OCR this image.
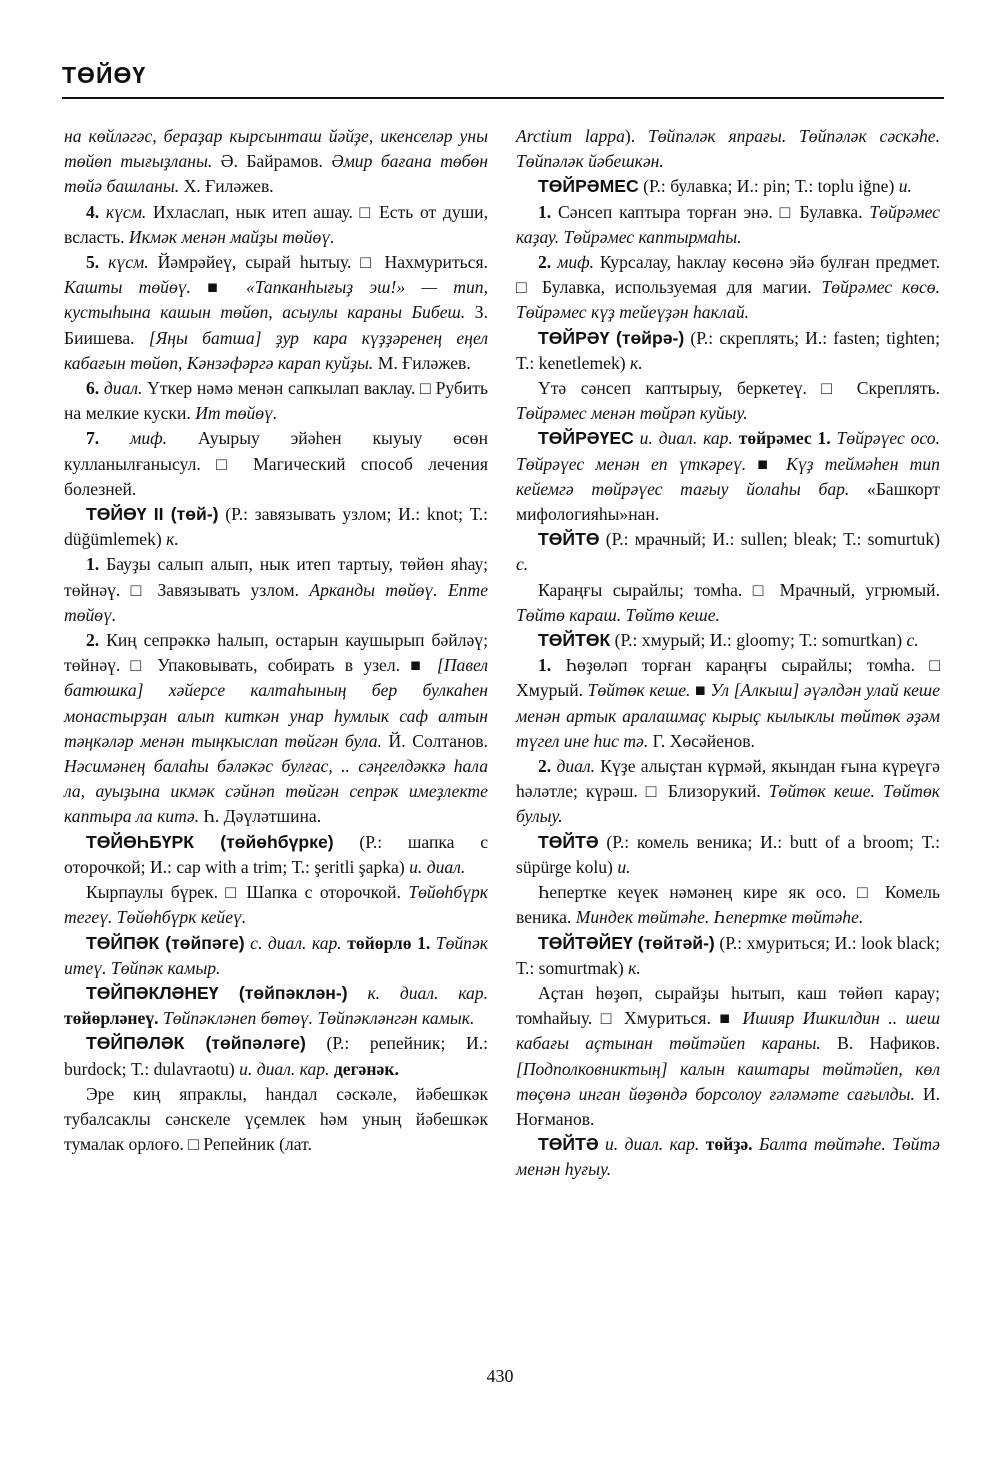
ТӨЙӨҮ

на көйләгәс, бераҙар кырсынташ йәйҙе, икенселәр уны төйөп тығыҙланы. Ә. Байрамов. Әмир бағана төбөн төйә башланы. Х. Ғиләжев.

4. күсм. Ихласлап, нык итеп ашау. □ Есть от души, всласть. Икмәк менән майҙы төйөү.

5. күсм. Йәмрәйеү, сырай һытыу. □ Нахмуриться. Кашты төйөү. ■ «Тапканһығыҙ эш!» — тип, кустыһына кашын төйөп, асыулы караны Бибеш. З. Биишева. [Яңы батша] ҙур кара күҙҙәренең еңел кабағын төйөп, Кәнзәфәргә карап куйҙы. М. Ғиләжев.

6. диал. Үткер нәмә менән сапкылап ваклау. □ Рубить на мелкие куски. Ит төйөү.

7. миф. Ауырыу эйәһен кыуыу өсөн кулланылғанысул. □ Магический способ лечения болезней.

ТӨЙӨҮ II (төй-) (Р.: завязывать узлом; И.: knot; Т.: düğümlemek) к.

1. Бауҙы салып алып, нык итеп тартыу, төйөн яһау; төйнәү. □ Завязывать узлом. Арканды төйөү. Епте төйөү.

2. Киң сепрәккә һалып, остарын каушырып бәйләү; төйнәү. □ Упаковывать, собирать в узел. ■ [Павел батюшка] хәйерсе калтаһының бер булкаһен монастырҙан алып киткән унар һумлык саф алтын тәңкәләр менән тыңкыслап төйгән була. Й. Солтанов. Нәсимәнең балаһы бәләкәс булғас, .. сәңгелдәккә һала ла, ауыҙына икмәк сәйнәп төйгән сепрәк имеҙлекте каптыра ла китә. Һ. Дәүләтшина.

ТӨЙӨҺБҮРК (төйөһбүрке) (Р.: шапка с оторочкой; И.: cap with a trim; Т.: şeritli şapka) и. диал.

Кырпаулы бүрек. □ Шапка с оторочкой. Төйөһбүрк тегеү. Төйөһбүрк кейеү.

ТӨЙПӘК (төйпәге) с. диал. кар. төйөрлө 1. Төйпәк итеү. Төйпәк камыр.

ТӨЙПӘКЛӘНЕҮ (төйпәклән-) к. диал. кар. төйөрләнеү. Төйпәкләнеп бөтөү. Төйпәкләнгән камык.

ТӨЙПӘЛӘК (төйпәләге) (Р.: репейник; И.: burdock; Т.: dulavraotu) и. диал. кар. дегәнәк.

Эре киң япраклы, һандал сәскәле, йәбешкәк тубалсаклы сәнскеле үҫемлек һәм уның йәбешкәк тумалак орлоғо. □ Репейник (лат.

Arctium lappa). Төйпәләк япрағы. Төйпәләк сәскәһе. Төйпәләк йәбешкән.

ТӨЙРӘМЕС (Р.: булавка; И.: pin; Т.: toplu iğne) и.

1. Сәнсеп каптыра торған энә. □ Булавка. Төйрәмес каҙау. Төйрәмес каптырмаһы.

2. миф. Курсалау, һаклау көсөнә эйә булған предмет. □ Булавка, используемая для магии. Төйрәмес көсө. Төйрәмес күҙ тейеүҙән һаклай.

ТӨЙРӘҮ (төйрә-) (Р.: скреплять; И.: fasten; tighten; Т.: kenetlemek) к.

Үтә сәнсеп каптырыу, беркетеү. □ Скреплять. Төйрәмес менән төйрәп куйыу.

ТӨЙРӘҮЕС и. диал. кар. төйрәмес 1. Төйрәүес осо. Төйрәүес менән еп үткәреү. ■ Күҙ теймәһен тип кейемгә төйрәүес тағыу йолаһы бар. «Башкорт мифологияһы»нан.

ТӨЙТӨ (Р.: мрачный; И.: sullen; bleak; Т.: somurtuk) с.

Караңғы сырайлы; томһа. □ Мрачный, угрюмый. Төйтө караш. Төйтө кеше.

ТӨЙТӨК (Р.: хмурый; И.: gloomy; Т.: somurtkan) с.

1. Һөҙөләп торған караңғы сырайлы; томһа. □ Хмурый. Төйтөк кеше. ■ Ул [Алкыш] әүәлдән улай кеше менән артык аралашмаҫ кырыҫ кылыклы төйтөк әҙәм түгел ине һис тә. Г. Хөсәйенов.

2. диал. Күҙе алыҫтан күрмәй, якындан ғына күреүгә һәләтле; күрәш. □ Близорукий. Төйтөк кеше. Төйтөк булыу.

ТӨЙТӘ (Р.: комель веника; И.: butt of a broom; Т.: süpürge kolu) и.

Һепертке кеүек нәмәнең кире як осо. □ Комель веника. Миндек төйтәһе. Һепертке төйтәһе.

ТӨЙТӘЙЕҮ (төйтәй-) (Р.: хмуриться; И.: look black; Т.: somurtmak) к.

Аҫтан һөҙөп, сырайҙы һытып, каш төйөп карау; томһайыу. □ Хмуриться. ■ Ишияр Ишкилдин .. шеш кабағы аҫтынан төйтәйеп караны. В. Нафиков. [Подполковниктың] калын каштары төйтәйеп, көл төҫөнә инган йөҙөндә борсолоу ғәләмәте сағылды. И. Ноғманов.

ТӨЙТӘ и. диал. кар. төйҙә. Балта төйтәһе. Төйтә менән һуғыу.

430
